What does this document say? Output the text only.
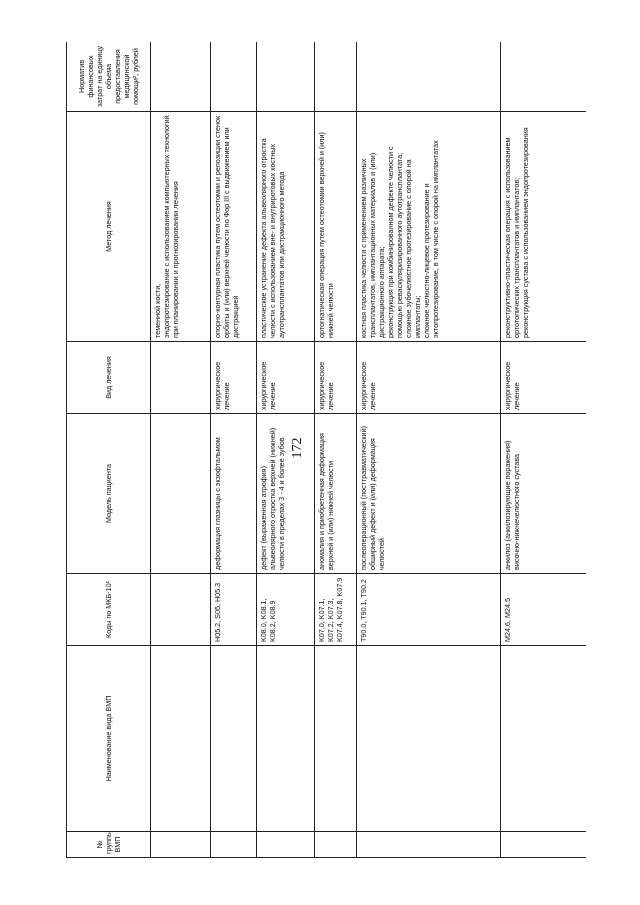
172
№ группы ВМП	Наименование вида ВМП	Коды по МКБ-10¹	Модель пациента	Вид лечения	Метод лечения	Норматив финансовых затрат на единицу объема предоставления медицинской помощи², рублей

					теменной кости, эндопротезирование с использованием компьютерных технологий при планировании и прогнозировании лечения	

		H05.2, S05, H05.3	деформация глазницы с экзофтальмом	хирургическое лечение	опорно-контурная пластика путем остеотомии и репозиции стенок орбиты и (или) верхней челюсти по Фор III с выдвижением или дистракцией	

		K08.0, K08.1, K08.2, K08.9	дефект (выраженная атрофия) альвеолярного отростка верхней (нижней) челюсти в пределах 3 - 4 и более зубов	хирургическое лечение	пластическое устранение дефекта альвеолярного отростка челюсти с использованием вне- и внутриротовых костных аутотрансплантатов или дистракционного метода	

		K07.0, K07.1, K07.2, K07.3, K07.4, K07.8, K07.9	аномалия и приобретенная деформация верхней и (или) нижней челюсти	хирургическое лечение	ортогнатическая операция путем остеотомии верхней и (или) нижней челюсти	

		T90.0, T90.1, T90.2	послеоперационный (посттравматический) обширный дефект и (или) деформация челюстей	хирургическое лечение	костная пластика челюсти с применением различных трансплантатов, имплантационных материалов и (или) дистракционного аппарата; реконструкция при комбинированном дефекте челюсти с помощью реваскуляризированного аутотрансплантата; сложное зубочелюстное протезирование с опорой на имплантаты; сложное челюстно-лицевое протезирование и эктопротезирование, в том числе с опорой на имплантатах	

		M24.6, M24.5	анкилоз (анкилозирующие поражения) височно-нижнечелюстного сустава	хирургическое лечение	реконструктивно-пластическая операция с использованием ортотопических трансплантатов и имплантатов; реконструкция сустава с использованием эндопротезирования	
